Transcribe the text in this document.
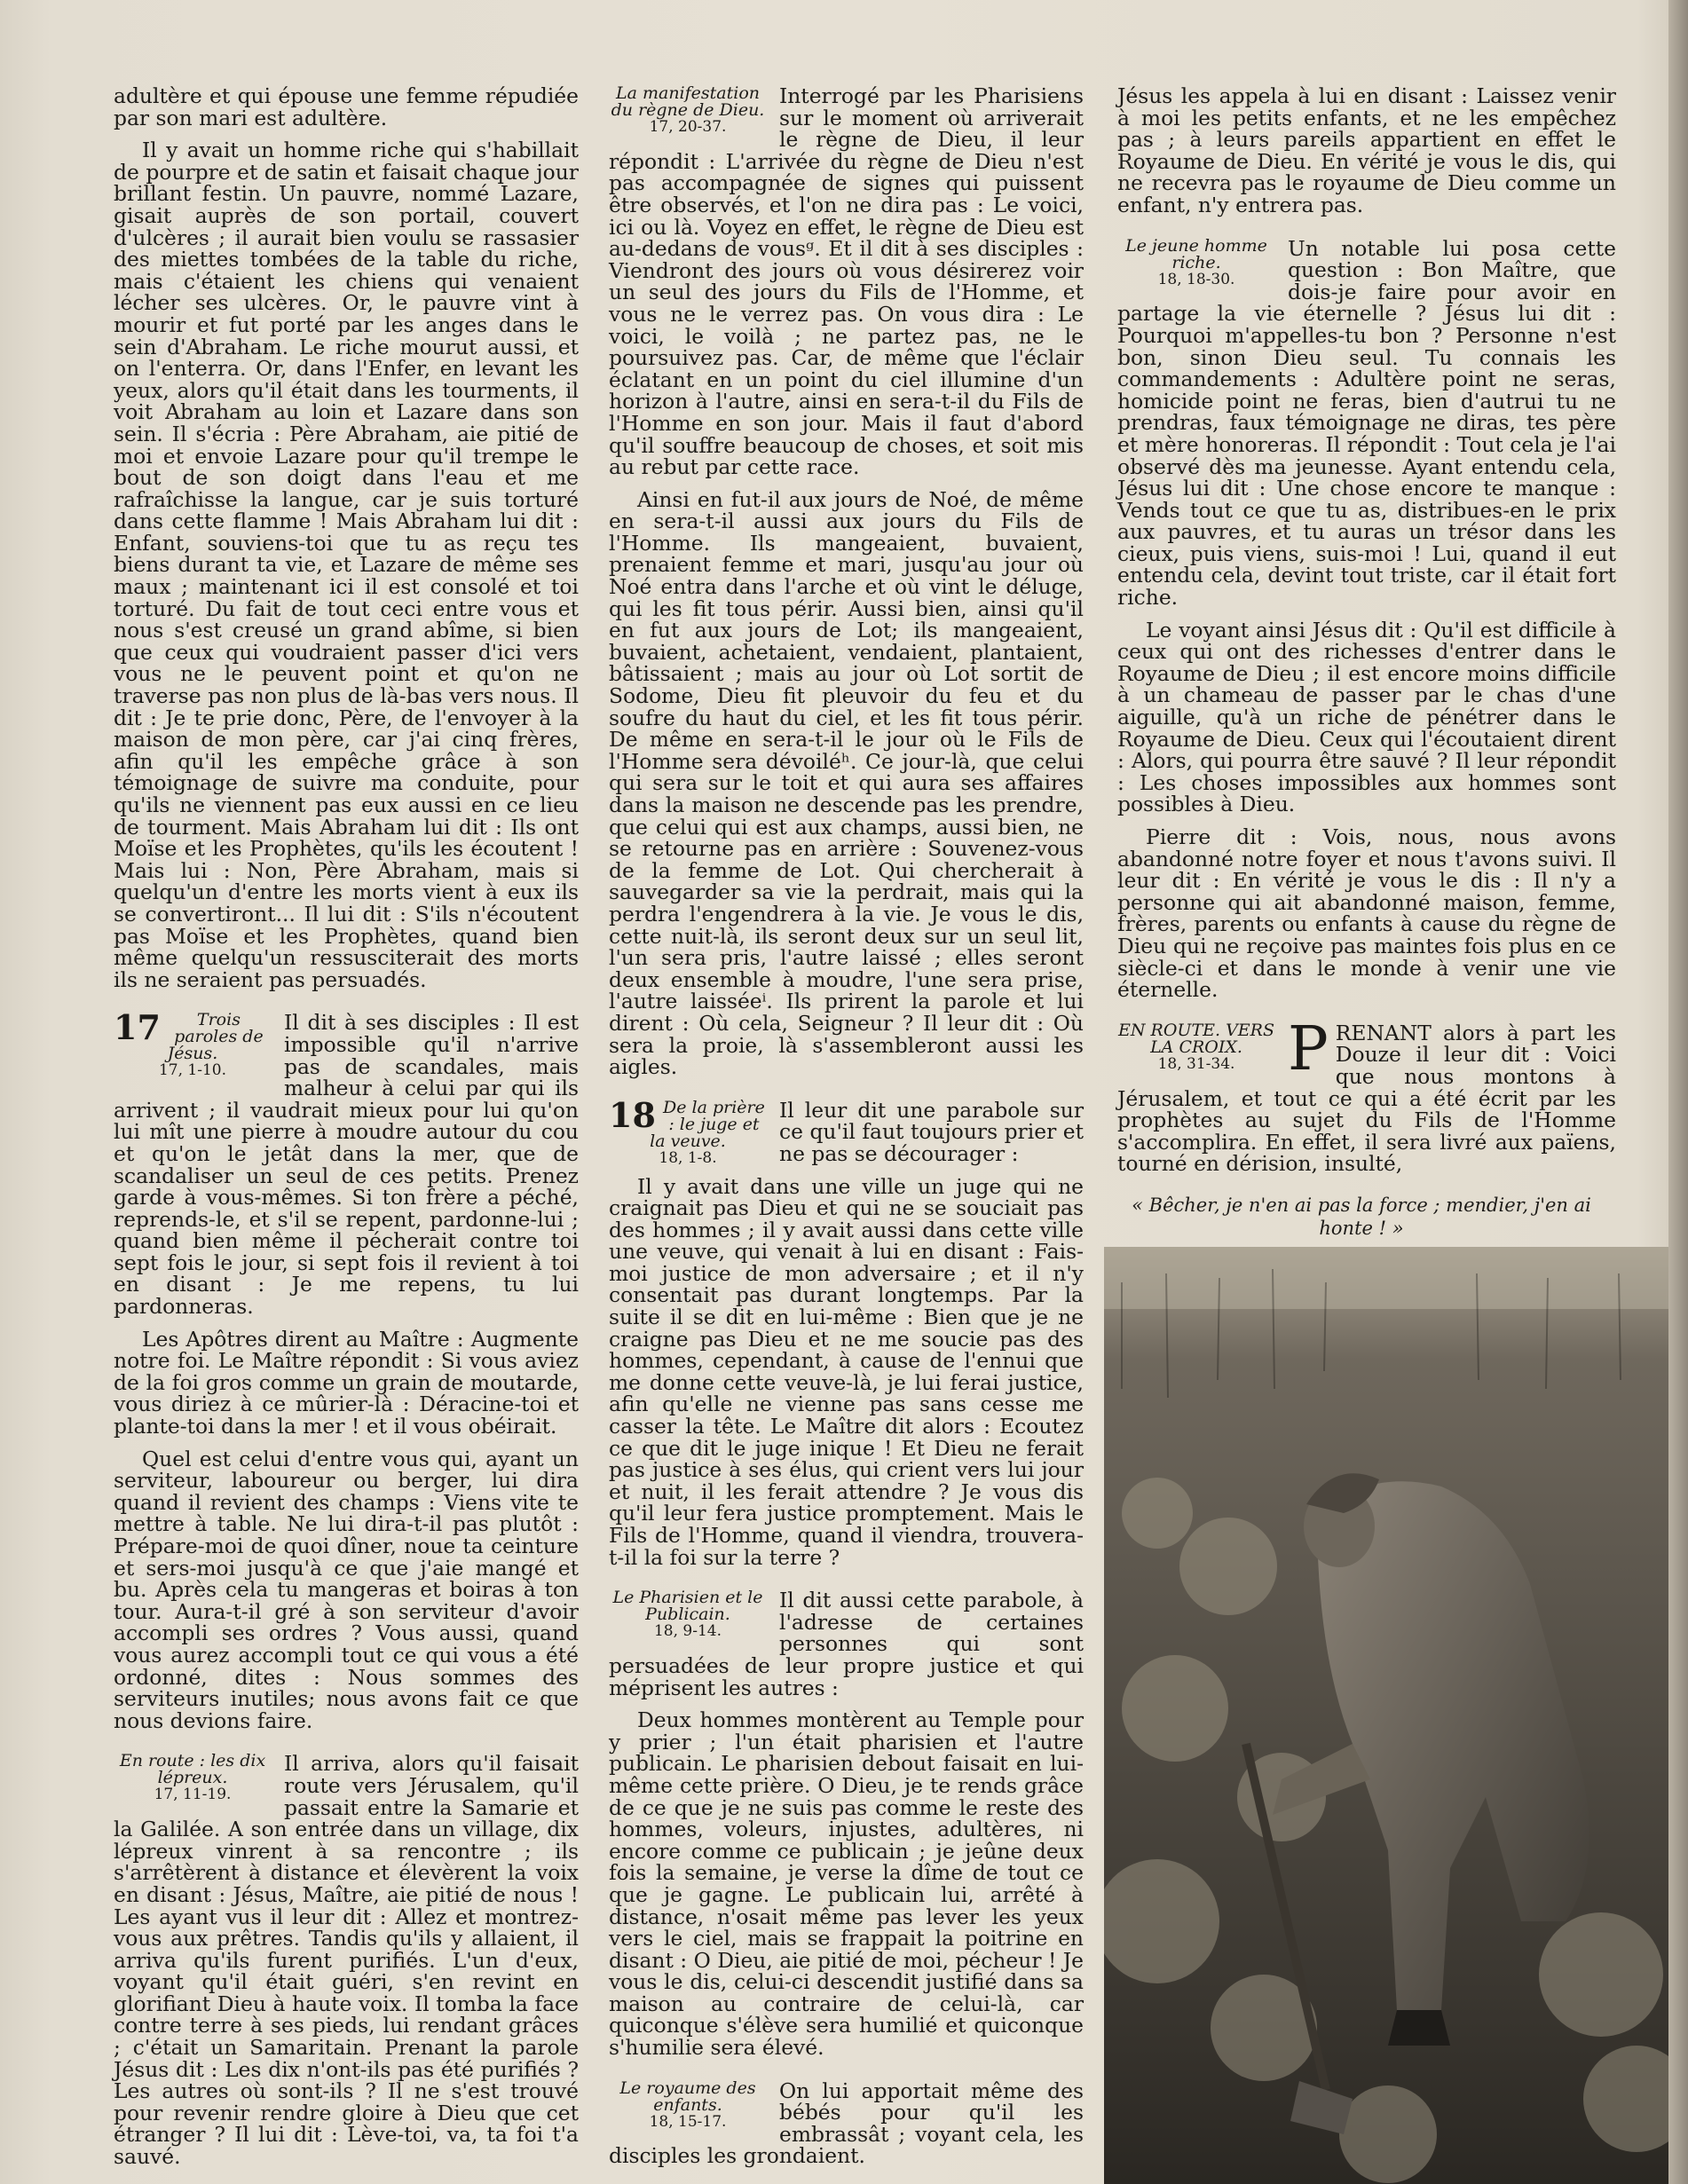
adultère et qui épouse une femme répudiée par son mari est adultère.

Il y avait un homme riche qui s'habillait de pourpre et de satin et faisait chaque jour brillant festin. Un pauvre, nommé Lazare, gisait auprès de son portail, couvert d'ulcères ; il aurait bien voulu se rassasier des miettes tombées de la table du riche, mais c'étaient les chiens qui venaient lécher ses ulcères. Or, le pauvre vint à mourir et fut porté par les anges dans le sein d'Abraham. Le riche mourut aussi, et on l'enterra. Or, dans l'Enfer, en levant les yeux, alors qu'il était dans les tourments, il voit Abraham au loin et Lazare dans son sein. Il s'écria : Père Abraham, aie pitié de moi et envoie Lazare pour qu'il trempe le bout de son doigt dans l'eau et me rafraîchisse la langue, car je suis torturé dans cette flamme ! Mais Abraham lui dit : Enfant, souviens-toi que tu as reçu tes biens durant ta vie, et Lazare de même ses maux ; maintenant ici il est consolé et toi torturé. Du fait de tout ceci entre vous et nous s'est creusé un grand abîme, si bien que ceux qui voudraient passer d'ici vers vous ne le peuvent point et qu'on ne traverse pas non plus de là-bas vers nous. Il dit : Je te prie donc, Père, de l'envoyer à la maison de mon père, car j'ai cinq frères, afin qu'il les empêche grâce à son témoignage de suivre ma conduite, pour qu'ils ne viennent pas eux aussi en ce lieu de tourment. Mais Abraham lui dit : Ils ont Moïse et les Prophètes, qu'ils les écoutent ! Mais lui : Non, Père Abraham, mais si quelqu'un d'entre les morts vient à eux ils se convertiront... Il lui dit : S'ils n'écoutent pas Moïse et les Prophètes, quand bien même quelqu'un ressusciterait des morts ils ne seraient pas persuadés.

17 Trois paroles de Jésus.
17, 1-10.

Il dit à ses disciples : Il est impossible qu'il n'arrive pas de scandales, mais malheur à celui par qui ils arrivent ; il vaudrait mieux pour lui qu'on lui mît une pierre à moudre autour du cou et qu'on le jetât dans la mer, que de scandaliser un seul de ces petits. Prenez garde à vous-mêmes. Si ton frère a péché, reprends-le, et s'il se repent, pardonne-lui ; quand bien même il pécherait contre toi sept fois le jour, si sept fois il revient à toi en disant : Je me repens, tu lui pardonneras.

Les Apôtres dirent au Maître : Augmente notre foi. Le Maître répondit : Si vous aviez de la foi gros comme un grain de moutarde, vous diriez à ce mûrier-là : Déracine-toi et plante-toi dans la mer ! et il vous obéirait.

Quel est celui d'entre vous qui, ayant un serviteur, laboureur ou berger, lui dira quand il revient des champs : Viens vite te mettre à table. Ne lui dira-t-il pas plutôt : Prépare-moi de quoi dîner, noue ta ceinture et sers-moi jusqu'à ce que j'aie mangé et bu. Après cela tu mangeras et boiras à ton tour. Aura-t-il gré à son serviteur d'avoir accompli ses ordres ? Vous aussi, quand vous aurez accompli tout ce qui vous a été ordonné, dites : Nous sommes des serviteurs inutiles; nous avons fait ce que nous devions faire.

En route : les dix lépreux.
17, 11-19.

Il arriva, alors qu'il faisait route vers Jérusalem, qu'il passait entre la Samarie et la Galilée. A son entrée dans un village, dix lépreux vinrent à sa rencontre ; ils s'arrêtèrent à distance et élevèrent la voix en disant : Jésus, Maître, aie pitié de nous ! Les ayant vus il leur dit : Allez et montrez-vous aux prêtres. Tandis qu'ils y allaient, il arriva qu'ils furent purifiés. L'un d'eux, voyant qu'il était guéri, s'en revint en glorifiant Dieu à haute voix. Il tomba la face contre terre à ses pieds, lui rendant grâces ; c'était un Samaritain. Prenant la parole Jésus dit : Les dix n'ont-ils pas été purifiés ? Les autres où sont-ils ? Il ne s'est trouvé pour revenir rendre gloire à Dieu que cet étranger ? Il lui dit : Lève-toi, va, ta foi t'a sauvé.

La manifestation du règne de Dieu.
17, 20-37.

Interrogé par les Pharisiens sur le moment où arriverait le règne de Dieu, il leur répondit : L'arrivée du règne de Dieu n'est pas accompagnée de signes qui puissent être observés, et l'on ne dira pas : Le voici, ici ou là. Voyez en effet, le règne de Dieu est au-dedans de vousᵍ. Et il dit à ses disciples : Viendront des jours où vous désirerez voir un seul des jours du Fils de l'Homme, et vous ne le verrez pas. On vous dira : Le voici, le voilà ; ne partez pas, ne le poursuivez pas. Car, de même que l'éclair éclatant en un point du ciel illumine d'un horizon à l'autre, ainsi en sera-t-il du Fils de l'Homme en son jour. Mais il faut d'abord qu'il souffre beaucoup de choses, et soit mis au rebut par cette race.

Ainsi en fut-il aux jours de Noé, de même en sera-t-il aussi aux jours du Fils de l'Homme. Ils mangeaient, buvaient, prenaient femme et mari, jusqu'au jour où Noé entra dans l'arche et où vint le déluge, qui les fit tous périr. Aussi bien, ainsi qu'il en fut aux jours de Lot; ils mangeaient, buvaient, achetaient, vendaient, plantaient, bâtissaient ; mais au jour où Lot sortit de Sodome, Dieu fit pleuvoir du feu et du soufre du haut du ciel, et les fit tous périr. De même en sera-t-il le jour où le Fils de l'Homme sera dévoiléʰ. Ce jour-là, que celui qui sera sur le toit et qui aura ses affaires dans la maison ne descende pas les prendre, que celui qui est aux champs, aussi bien, ne se retourne pas en arrière : Souvenez-vous de la femme de Lot. Qui chercherait à sauvegarder sa vie la perdrait, mais qui la perdra l'engendrera à la vie. Je vous le dis, cette nuit-là, ils seront deux sur un seul lit, l'un sera pris, l'autre laissé ; elles seront deux ensemble à moudre, l'une sera prise, l'autre laisséeⁱ. Ils prirent la parole et lui dirent : Où cela, Seigneur ? Il leur dit : Où sera la proie, là s'assembleront aussi les aigles.

18 De la prière : le juge et la veuve.
18, 1-8.

Il leur dit une parabole sur ce qu'il faut toujours prier et ne pas se décourager :

Il y avait dans une ville un juge qui ne craignait pas Dieu et qui ne se souciait pas des hommes ; il y avait aussi dans cette ville une veuve, qui venait à lui en disant : Fais-moi justice de mon adversaire ; et il n'y consentait pas durant longtemps. Par la suite il se dit en lui-même : Bien que je ne craigne pas Dieu et ne me soucie pas des hommes, cependant, à cause de l'ennui que me donne cette veuve-là, je lui ferai justice, afin qu'elle ne vienne pas sans cesse me casser la tête. Le Maître dit alors : Ecoutez ce que dit le juge inique ! Et Dieu ne ferait pas justice à ses élus, qui crient vers lui jour et nuit, il les ferait attendre ? Je vous dis qu'il leur fera justice promptement. Mais le Fils de l'Homme, quand il viendra, trouvera-t-il la foi sur la terre ?

Le Pharisien et le Publicain.
18, 9-14.

Il dit aussi cette parabole, à l'adresse de certaines personnes qui sont persuadées de leur propre justice et qui méprisent les autres :

Deux hommes montèrent au Temple pour y prier ; l'un était pharisien et l'autre publicain. Le pharisien debout faisait en lui-même cette prière. O Dieu, je te rends grâce de ce que je ne suis pas comme le reste des hommes, voleurs, injustes, adultères, ni encore comme ce publicain ; je jeûne deux fois la semaine, je verse la dîme de tout ce que je gagne. Le publicain lui, arrêté à distance, n'osait même pas lever les yeux vers le ciel, mais se frappait la poitrine en disant : O Dieu, aie pitié de moi, pécheur ! Je vous le dis, celui-ci descendit justifié dans sa maison au contraire de celui-là, car quiconque s'élève sera humilié et quiconque s'humilie sera élevé.

Le royaume des enfants.
18, 15-17.

On lui apportait même des bébés pour qu'il les embrassât ; voyant cela, les disciples les grondaient.

Jésus les appela à lui en disant : Laissez venir à moi les petits enfants, et ne les empêchez pas ; à leurs pareils appartient en effet le Royaume de Dieu. En vérité je vous le dis, qui ne recevra pas le royaume de Dieu comme un enfant, n'y entrera pas.

Le jeune homme riche.
18, 18-30.

Un notable lui posa cette question : Bon Maître, que dois-je faire pour avoir en partage la vie éternelle ? Jésus lui dit : Pourquoi m'appelles-tu bon ? Personne n'est bon, sinon Dieu seul. Tu connais les commandements : Adultère point ne seras, homicide point ne feras, bien d'autrui tu ne prendras, faux témoignage ne diras, tes père et mère honoreras. Il répondit : Tout cela je l'ai observé dès ma jeunesse. Ayant entendu cela, Jésus lui dit : Une chose encore te manque : Vends tout ce que tu as, distribues-en le prix aux pauvres, et tu auras un trésor dans les cieux, puis viens, suis-moi ! Lui, quand il eut entendu cela, devint tout triste, car il était fort riche.

Le voyant ainsi Jésus dit : Qu'il est difficile à ceux qui ont des richesses d'entrer dans le Royaume de Dieu ; il est encore moins difficile à un chameau de passer par le chas d'une aiguille, qu'à un riche de pénétrer dans le Royaume de Dieu. Ceux qui l'écoutaient dirent : Alors, qui pourra être sauvé ? Il leur répondit : Les choses impossibles aux hommes sont possibles à Dieu.

Pierre dit : Vois, nous, nous avons abandonné notre foyer et nous t'avons suivi. Il leur dit : En vérité je vous le dis : Il n'y a personne qui ait abandonné maison, femme, frères, parents ou enfants à cause du règne de Dieu qui ne reçoive pas maintes fois plus en ce siècle-ci et dans le monde à venir une vie éternelle.

EN ROUTE. VERS LA CROIX.
18, 31-34. P RENANT alors à part les Douze il leur dit : Voici que nous montons à Jérusalem, et tout ce qui a été écrit par les prophètes au sujet du Fils de l'Homme s'accomplira. En effet, il sera livré aux païens, tourné en dérision, insulté,

« Bêcher, je n'en ai pas la force ; mendier, j'en ai honte ! »
